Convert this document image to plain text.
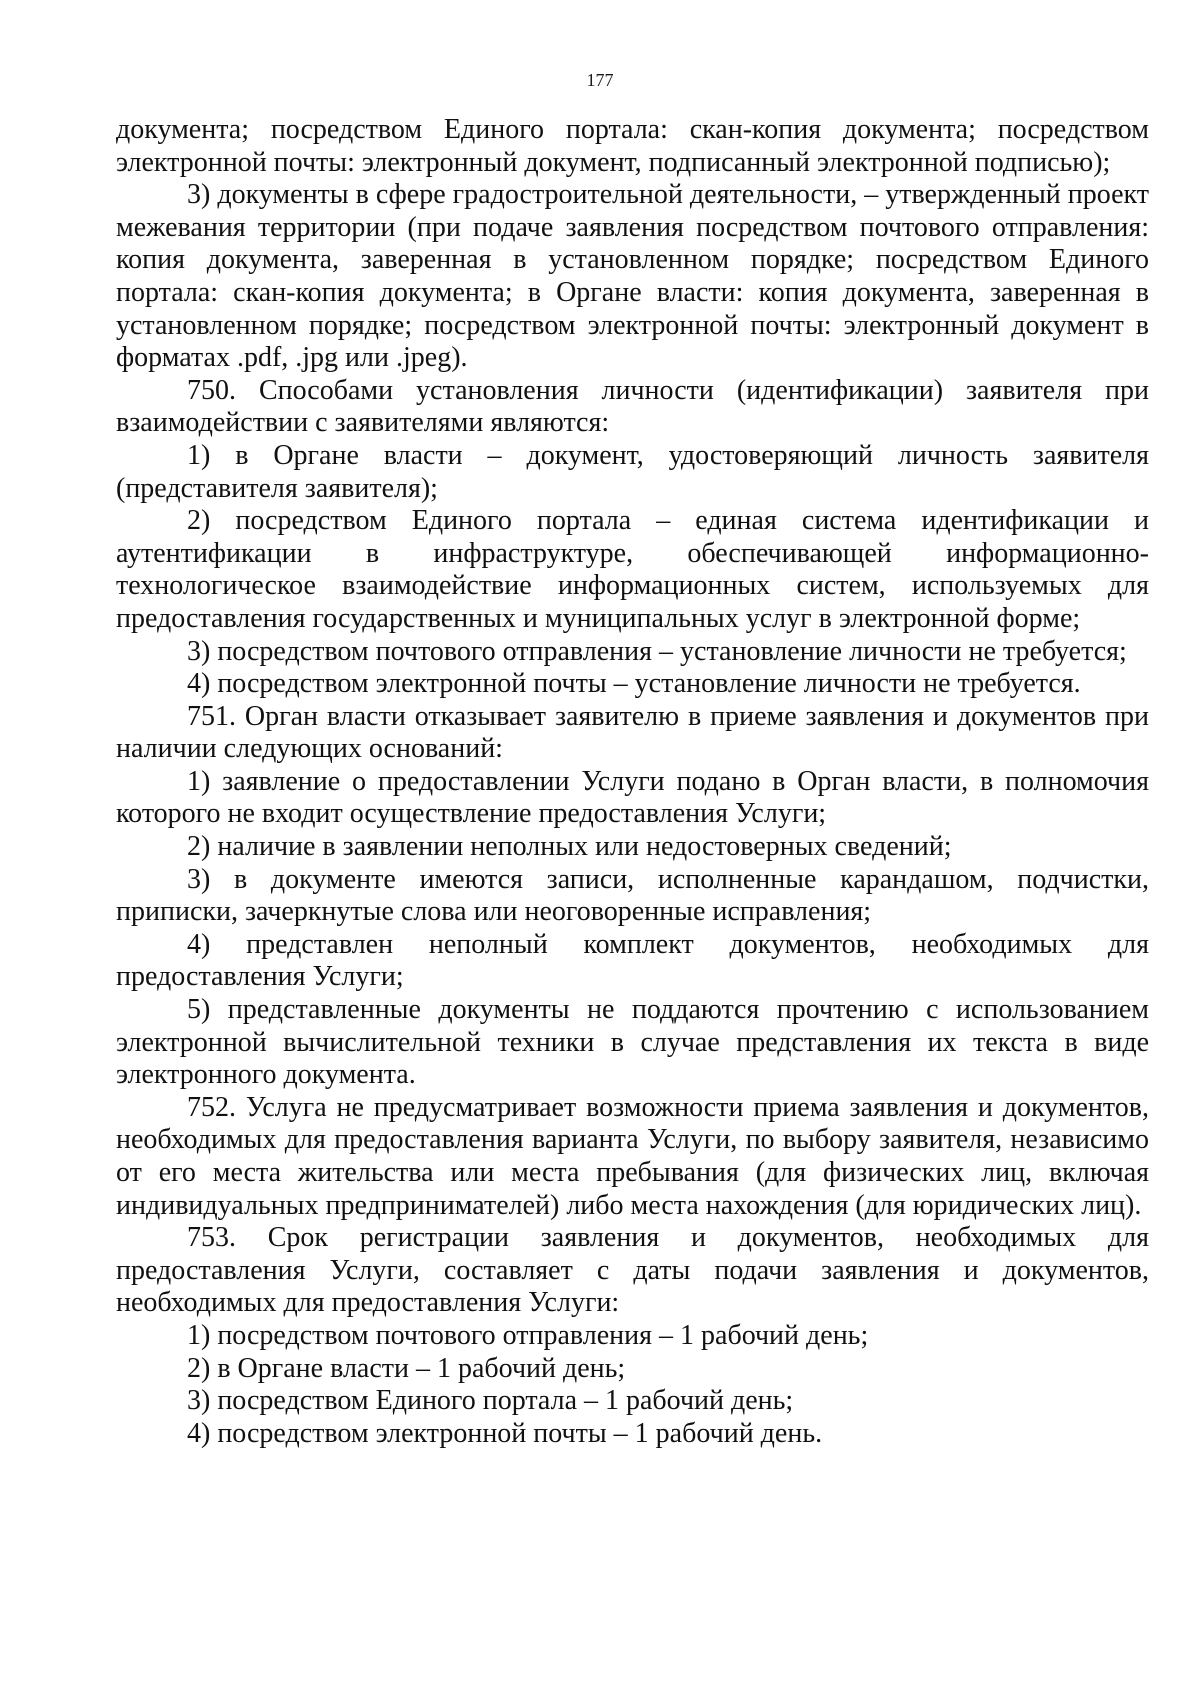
177

документа; посредством Единого портала: скан-копия документа; посредством электронной почты: электронный документ, подписанный электронной подписью);

3) документы в сфере градостроительной деятельности, – утвержденный проект межевания территории (при подаче заявления посредством почтового отправления: копия документа, заверенная в установленном порядке; посредством Единого портала: скан-копия документа; в Органе власти: копия документа, заверенная в установленном порядке; посредством электронной почты: электронный документ в форматах .pdf, .jpg или .jpeg).

750. Способами установления личности (идентификации) заявителя при взаимодействии с заявителями являются:

1) в Органе власти – документ, удостоверяющий личность заявителя (представителя заявителя);

2) посредством Единого портала – единая система идентификации и аутентификации в инфраструктуре, обеспечивающей информационно-технологическое взаимодействие информационных систем, используемых для предоставления государственных и муниципальных услуг в электронной форме;

3) посредством почтового отправления – установление личности не требуется;

4) посредством электронной почты – установление личности не требуется.

751. Орган власти отказывает заявителю в приеме заявления и документов при наличии следующих оснований:

1) заявление о предоставлении Услуги подано в Орган власти, в полномочия которого не входит осуществление предоставления Услуги;

2) наличие в заявлении неполных или недостоверных сведений;

3) в документе имеются записи, исполненные карандашом, подчистки, приписки, зачеркнутые слова или неоговоренные исправления;

4) представлен неполный комплект документов, необходимых для предоставления Услуги;

5) представленные документы не поддаются прочтению с использованием электронной вычислительной техники в случае представления их текста в виде электронного документа.

752. Услуга не предусматривает возможности приема заявления и документов, необходимых для предоставления варианта Услуги, по выбору заявителя, независимо от его места жительства или места пребывания (для физических лиц, включая индивидуальных предпринимателей) либо места нахождения (для юридических лиц).

753. Срок регистрации заявления и документов, необходимых для предоставления Услуги, составляет с даты подачи заявления и документов, необходимых для предоставления Услуги:

1) посредством почтового отправления – 1 рабочий день;

2) в Органе власти – 1 рабочий день;

3) посредством Единого портала – 1 рабочий день;

4) посредством электронной почты – 1 рабочий день.
